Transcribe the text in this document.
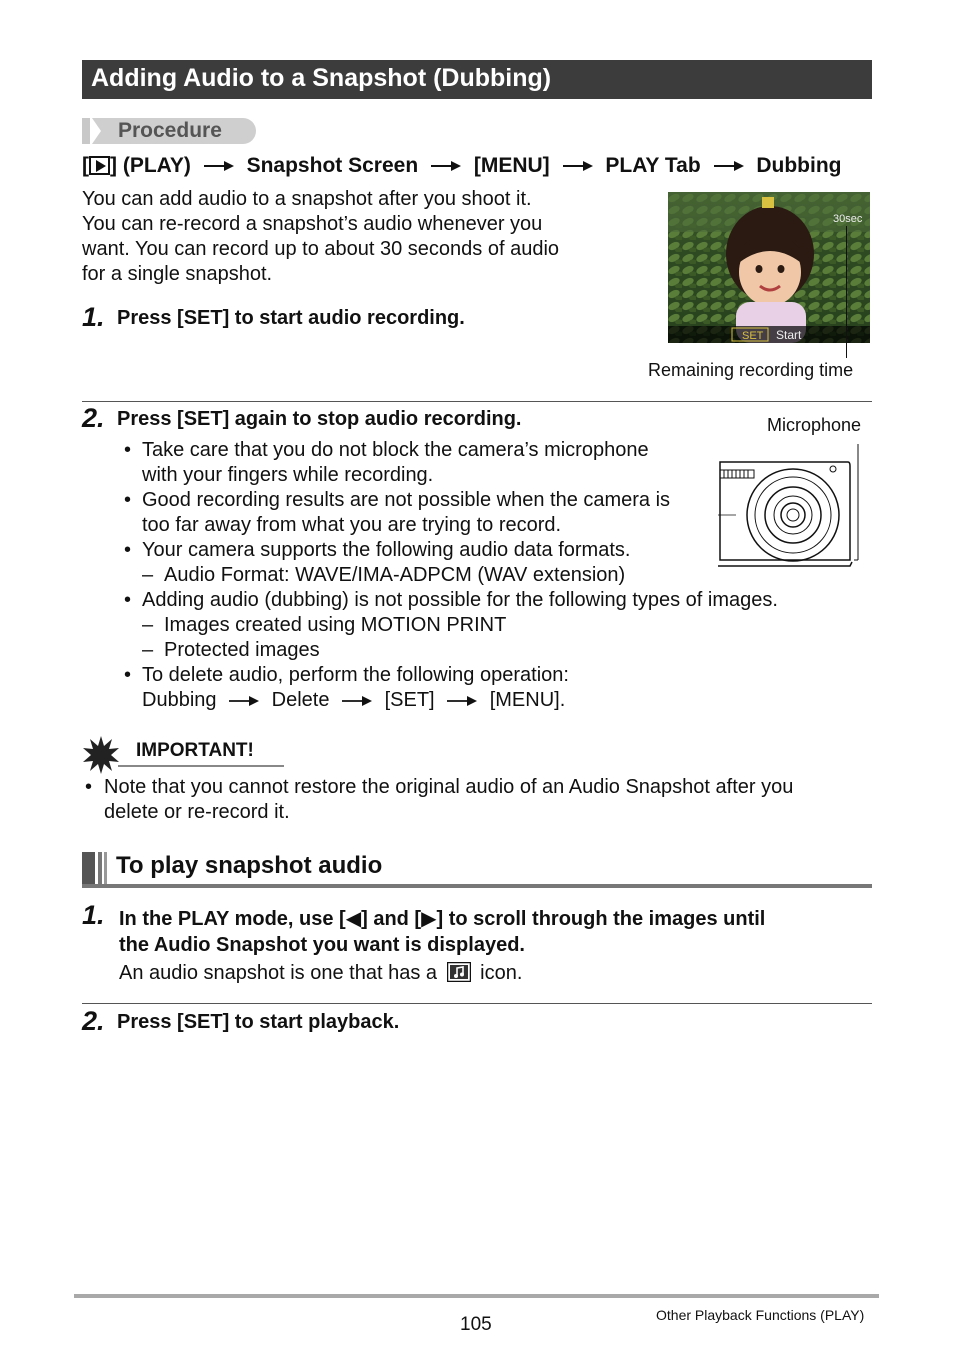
Adding Audio to a Snapshot (Dubbing)
Procedure
[ ] (PLAY)	Snapshot Screen	[MENU]	PLAY Tab	Dubbing
You can add audio to a snapshot after you shoot it.
You can re-record a snapshot’s audio whenever you
want. You can record up to about 30 seconds of audio
for a single snapshot.
1. Press [SET] to start audio recording.
30sec
SET Start
Remaining recording time
2. Press [SET] again to stop audio recording.	Microphone
• Take care that you do not block the camera’s microphone
with your fingers while recording.
• Good recording results are not possible when the camera is
too far away from what you are trying to record.
• Your camera supports the following audio data formats.
– Audio Format: WAVE/IMA-ADPCM (WAV extension)
• Adding audio (dubbing) is not possible for the following types of images.
– Images created using MOTION PRINT
– Protected images
• To delete audio, perform the following operation:
Dubbing	Delete	[SET]	[MENU].
IMPORTANT!
• Note that you cannot restore the original audio of an Audio Snapshot after you
delete or re-record it.
To play snapshot audio
1. In the PLAY mode, use [◀] and [▶] to scroll through the images until
the Audio Snapshot you want is displayed.
An audio snapshot is one that has a icon.
2. Press [SET] to start playback.
105	Other Playback Functions (PLAY)
